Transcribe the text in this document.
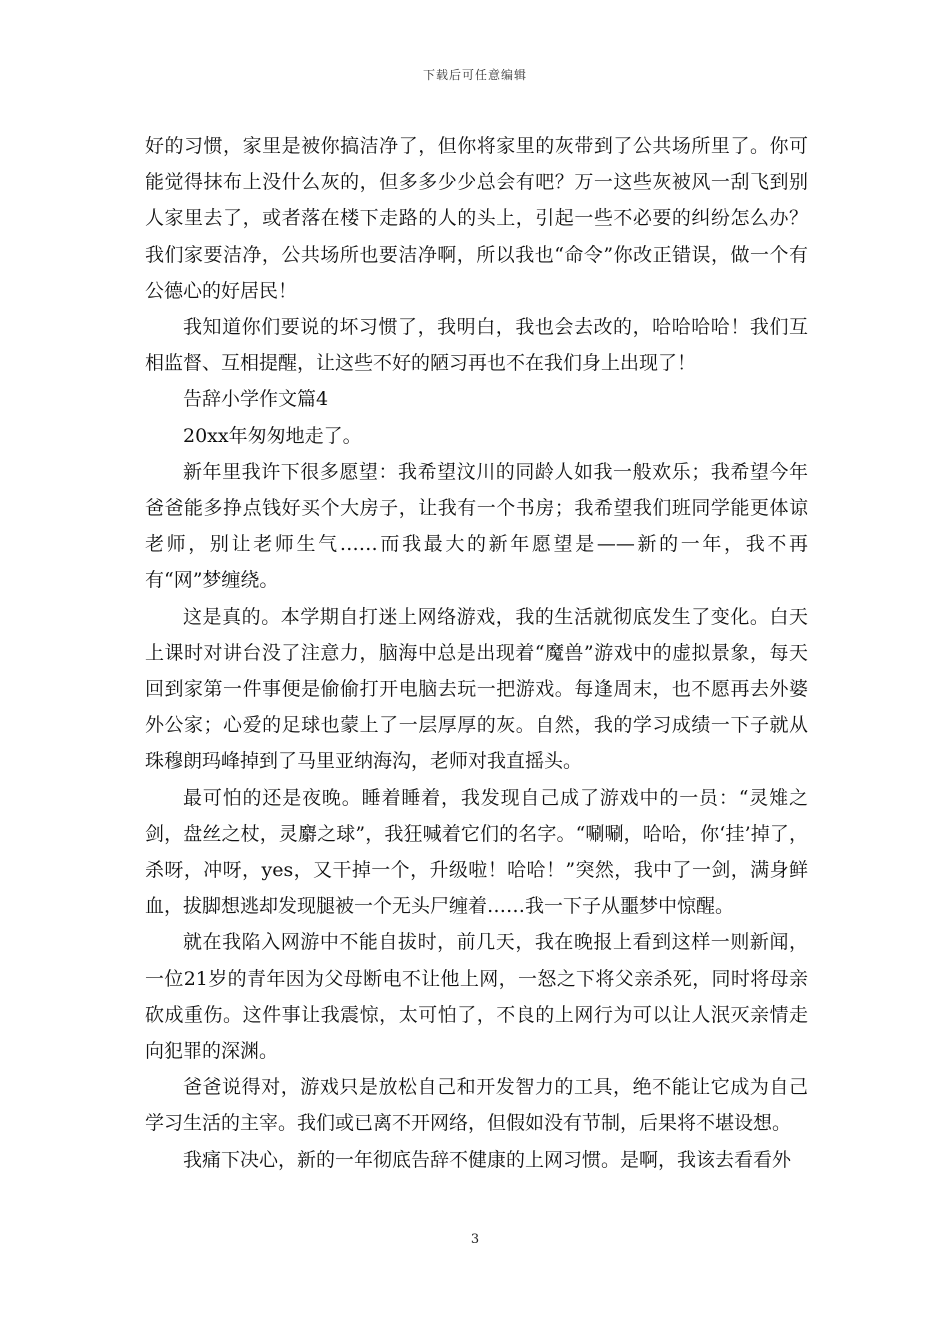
下载后可任意编辑

好的习惯，家里是被你搞洁净了，但你将家里的灰带到了公共场所里了。你可能觉得抹布上没什么灰的，但多多少少总会有吧？万一这些灰被风一刮飞到别人家里去了，或者落在楼下走路的人的头上，引起一些不必要的纠纷怎么办？我们家要洁净，公共场所也要洁净啊，所以我也“命令”你改正错误，做一个有公德心的好居民！

我知道你们要说的坏习惯了，我明白，我也会去改的，哈哈哈哈！我们互相监督、互相提醒，让这些不好的陋习再也不在我们身上出现了！

告辞小学作文篇4

20xx年匆匆地走了。

新年里我许下很多愿望：我希望汶川的同龄人如我一般欢乐；我希望今年爸爸能多挣点钱好买个大房子，让我有一个书房；我希望我们班同学能更体谅老师，别让老师生气……而我最大的新年愿望是——新的一年，我不再有“网”梦缠绕。

这是真的。本学期自打迷上网络游戏，我的生活就彻底发生了变化。白天上课时对讲台没了注意力，脑海中总是出现着“魔兽”游戏中的虚拟景象，每天回到家第一件事便是偷偷打开电脑去玩一把游戏。每逢周末，也不愿再去外婆外公家；心爱的足球也蒙上了一层厚厚的灰。自然，我的学习成绩一下子就从珠穆朗玛峰掉到了马里亚纳海沟，老师对我直摇头。

最可怕的还是夜晚。睡着睡着，我发现自己成了游戏中的一员：“灵雉之剑，盘丝之杖，灵麝之球”，我狂喊着它们的名字。“唰唰，哈哈，你‘挂’掉了，杀呀，冲呀，yes，又干掉一个，升级啦！哈哈！”突然，我中了一剑，满身鲜血，拔脚想逃却发现腿被一个无头尸缠着……我一下子从噩梦中惊醒。

就在我陷入网游中不能自拔时，前几天，我在晚报上看到这样一则新闻，一位21岁的青年因为父母断电不让他上网，一怒之下将父亲杀死，同时将母亲砍成重伤。这件事让我震惊，太可怕了，不良的上网行为可以让人泯灭亲情走向犯罪的深渊。

爸爸说得对，游戏只是放松自己和开发智力的工具，绝不能让它成为自己学习生活的主宰。我们或已离不开网络，但假如没有节制，后果将不堪设想。

我痛下决心，新的一年彻底告辞不健康的上网习惯。是啊，我该去看看外

3
